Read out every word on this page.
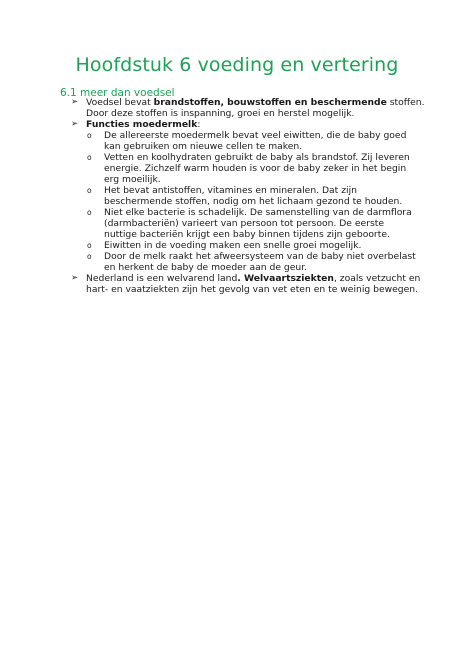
Hoofdstuk 6 voeding en vertering
6.1 meer dan voedsel
➢ Voedsel bevat brandstoffen, bouwstoffen en beschermende stoffen.
Door deze stoffen is inspanning, groei en herstel mogelijk.
➢ Functies moedermelk:
o De allereerste moedermelk bevat veel eiwitten, die de baby goed
kan gebruiken om nieuwe cellen te maken.
o Vetten en koolhydraten gebruikt de baby als brandstof. Zij leveren
energie. Zichzelf warm houden is voor de baby zeker in het begin
erg moeilijk.
o Het bevat antistoffen, vitamines en mineralen. Dat zijn
beschermende stoffen, nodig om het lichaam gezond te houden.
o Niet elke bacterie is schadelijk. De samenstelling van de darmflora
(darmbacteriën) varieert van persoon tot persoon. De eerste
nuttige bacteriën krijgt een baby binnen tijdens zijn geboorte.
o Eiwitten in de voeding maken een snelle groei mogelijk.
o Door de melk raakt het afweersysteem van de baby niet overbelast
en herkent de baby de moeder aan de geur.
➢ Nederland is een welvarend land. Welvaartsziekten, zoals vetzucht en
hart- en vaatziekten zijn het gevolg van vet eten en te weinig bewegen.
